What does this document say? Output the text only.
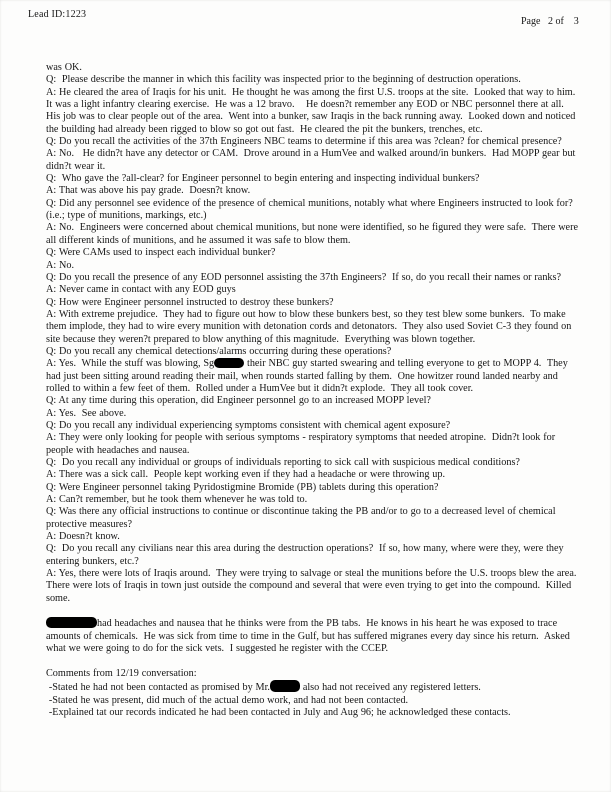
Lead ID:1223
Page   2 of    3

was OK.

Q:  Please describe the manner in which this facility was inspected prior to the beginning of destruction operations.

A: He cleared the area of Iraqis for his unit.  He thought he was among the first U.S. troops at the site.  Looked that way to him.  It was a light infantry clearing exercise.  He was a 12 bravo.    He doesn?t remember any EOD or NBC personnel there at all.  His job was to clear people out of the area.  Went into a bunker, saw Iraqis in the back running away.  Looked down and noticed the building had already been rigged to blow so got out fast.  He cleared the pit the bunkers, trenches, etc.

Q: Do you recall the activities of the 37th Engineers NBC teams to determine if this area was ?clean? for chemical presence?

A: No.   He didn?t have any detector or CAM.  Drove around in a HumVee and walked around/in bunkers.  Had MOPP gear but didn?t wear it.

Q:  Who gave the ?all-clear? for Engineer personnel to begin entering and inspecting individual bunkers?

A: That was above his pay grade.  Doesn?t know.

Q: Did any personnel see evidence of the presence of chemical munitions, notably what where Engineers instructed to look for?  (i.e.; type of munitions, markings, etc.)

A: No.  Engineers were concerned about chemical munitions, but none were identified, so he figured they were safe.  There were all different kinds of munitions, and he assumed it was safe to blow them.

Q: Were CAMs used to inspect each individual bunker?

A: No.

Q: Do you recall the presence of any EOD personnel assisting the 37th Engineers?  If so, do you recall their names or ranks?

A: Never came in contact with any EOD guys

Q: How were Engineer personnel instructed to destroy these bunkers?

A: With extreme prejudice.  They had to figure out how to blow these bunkers best, so they test blew some bunkers.  To make them implode, they had to wire every munition with detonation cords and detonators.  They also used Soviet C-3 they found on site because they weren?t prepared to blow anything of this magnitude.  Everything was blown together.

Q: Do you recall any chemical detections/alarms occurring during these operations?

A: Yes.  While the stuff was blowing, Sg	their NBC guy started swearing and telling everyone to get to MOPP 4.  They had just been sitting around reading their mail, when rounds started falling by them.  One howitzer round landed nearby and rolled to within a few feet of them.  Rolled under a HumVee but it didn?t explode.  They all took cover.

Q: At any time during this operation, did Engineer personnel go to an increased MOPP level?

A: Yes.  See above.

Q: Do you recall any individual experiencing symptoms consistent with chemical agent exposure?

A: They were only looking for people with serious symptoms - respiratory symptoms that needed atropine.  Didn?t look for people with headaches and nausea.

Q:  Do you recall any individual or groups of individuals reporting to sick call with suspicious medical conditions?

A: There was a sick call.  People kept working even if they had a headache or were throwing up.

Q: Were Engineer personnel taking Pyridostigmine Bromide (PB) tablets during this operation?

A: Can?t remember, but he took them whenever he was told to.

Q: Was there any official instructions to continue or discontinue taking the PB and/or to go to a decreased level of chemical protective measures?

A: Doesn?t know.

Q:  Do you recall any civilians near this area during the destruction operations?  If so, how many, where were they, were they entering bunkers, etc.?

A: Yes, there were lots of Iraqis around.  They were trying to salvage or steal the munitions before the U.S. troops blew the area.  There were lots of Iraqis in town just outside the compound and several that were even trying to get into the compound.  Killed some.

had headaches and nausea that he thinks were from the PB tabs.  He knows in his heart he was exposed to trace amounts of chemicals.  He was sick from time to time in the Gulf, but has suffered migranes every day since his return.  Asked what we were going to do for the sick vets.  I suggested he register with the CCEP.

Comments from 12/19 conversation:

-Stated he had not been contacted as promised by Mr.	also had not received any registered letters.

-Stated he was present, did much of the actual demo work, and had not been contacted.

-Explained tat our records indicated he had been contacted in July and Aug 96; he acknowledged these contacts.
